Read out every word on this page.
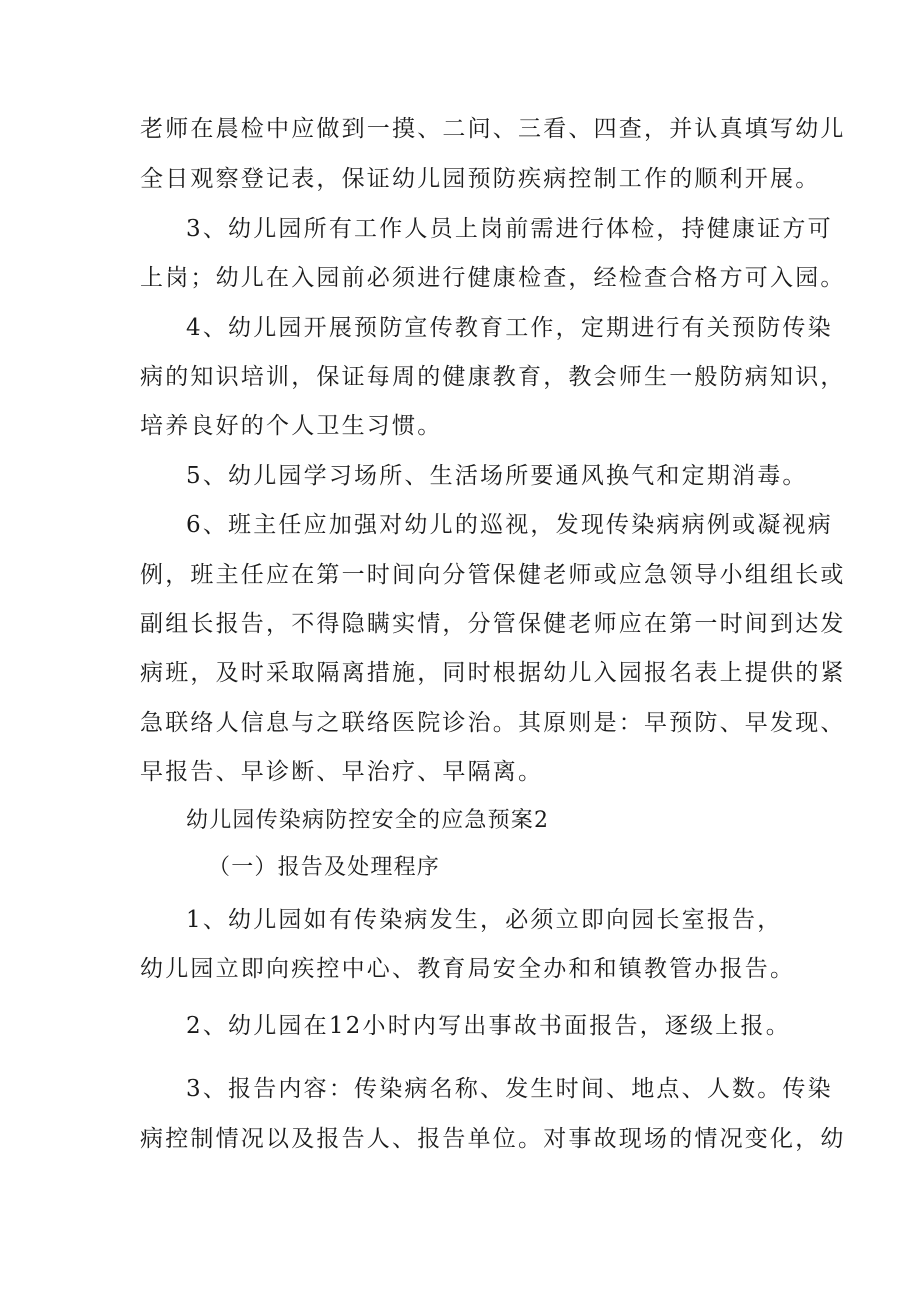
老师在晨检中应做到一摸、二问、三看、四查，并认真填写幼儿

全日观察登记表，保证幼儿园预防疾病控制工作的顺利开展。

3、幼儿园所有工作人员上岗前需进行体检，持健康证方可

上岗；幼儿在入园前必须进行健康检查，经检查合格方可入园。

4、幼儿园开展预防宣传教育工作，定期进行有关预防传染

病的知识培训，保证每周的健康教育，教会师生一般防病知识，

培养良好的个人卫生习惯。

5、幼儿园学习场所、生活场所要通风换气和定期消毒。

6、班主任应加强对幼儿的巡视，发现传染病病例或凝视病

例，班主任应在第一时间向分管保健老师或应急领导小组组长或

副组长报告，不得隐瞒实情，分管保健老师应在第一时间到达发

病班，及时采取隔离措施，同时根据幼儿入园报名表上提供的紧

急联络人信息与之联络医院诊治。其原则是：早预防、早发现、

早报告、早诊断、早治疗、早隔离。

幼儿园传染病防控安全的应急预案2

（一）报告及处理程序

1、幼儿园如有传染病发生，必须立即向园长室报告，

幼儿园立即向疾控中心、教育局安全办和和镇教管办报告。

2、幼儿园在12小时内写出事故书面报告，逐级上报。

3、报告内容：传染病名称、发生时间、地点、人数。传染

病控制情况以及报告人、报告单位。对事故现场的情况变化，幼
